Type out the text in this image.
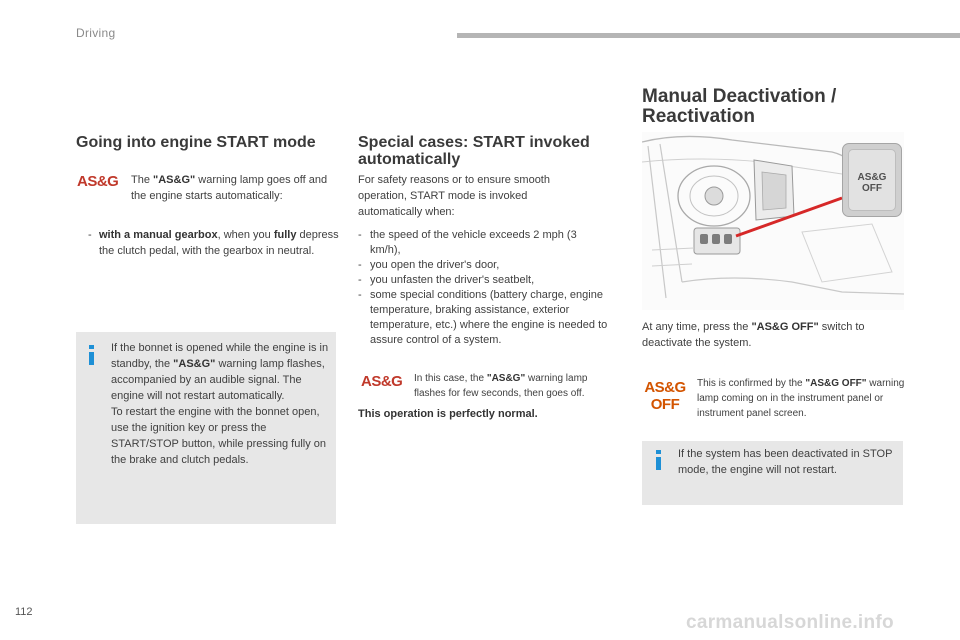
Driving
Going into engine START mode
AS&G The "AS&G" warning lamp goes off and the engine starts automatically:
- with a manual gearbox, when you fully depress the clutch pedal, with the gearbox in neutral.
If the bonnet is opened while the engine is in standby, the "AS&G" warning lamp flashes, accompanied by an audible signal. The engine will not restart automatically.
To restart the engine with the bonnet open, use the ignition key or press the START/STOP button, while pressing fully on the brake and clutch pedals.
Special cases: START invoked automatically
For safety reasons or to ensure smooth operation, START mode is invoked automatically when:
- the speed of the vehicle exceeds 2 mph (3 km/h),
- you open the driver's door,
- you unfasten the driver's seatbelt,
- some special conditions (battery charge, engine temperature, braking assistance, exterior temperature, etc.) where the engine is needed to assure control of a system.
AS&G In this case, the "AS&G" warning lamp flashes for few seconds, then goes off.
This operation is perfectly normal.
Manual Deactivation /
Reactivation
AS&G
OFF
At any time, press the "AS&G OFF" switch to deactivate the system.
AS&G
OFF
This is confirmed by the "AS&G OFF" warning lamp coming on in the instrument panel or instrument panel screen.
If the system has been deactivated in STOP mode, the engine will not restart.
112	carmanualsonline.info
